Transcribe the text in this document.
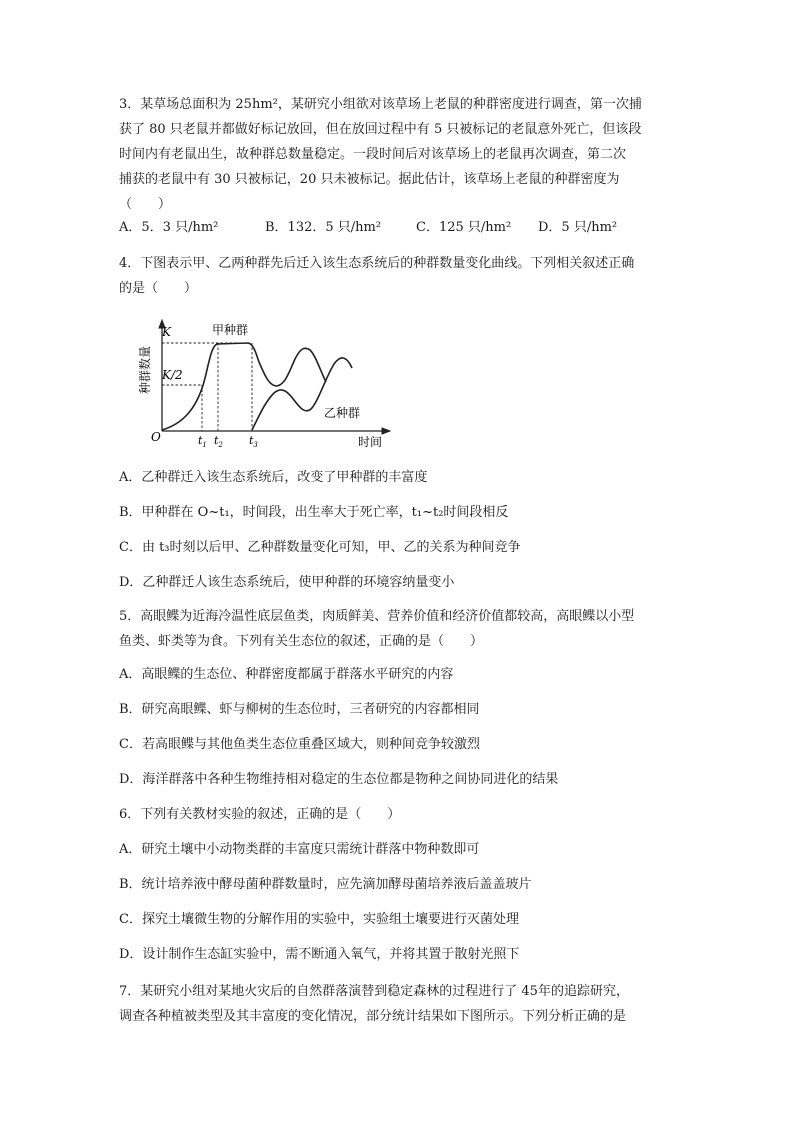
3．某草场总面积为 25hm²，某研究小组欲对该草场上老鼠的种群密度进行调查，第一次捕
获了 80 只老鼠并都做好标记放回，但在放回过程中有 5 只被标记的老鼠意外死亡，但该段
时间内有老鼠出生，故种群总数量稳定。一段时间后对该草场上的老鼠再次调查，第二次
捕获的老鼠中有 30 只被标记，20 只未被标记。据此估计，该草场上老鼠的种群密度为
（　　）
A．5．3 只/hm²	B．132．5 只/hm²	C．125 只/hm² D．5 只/hm²
4．下图表示甲、乙两种群先后迁入该生态系统后的种群数量变化曲线。下列相关叙述正确
的是（　　）
种群数量
时间
K
K/2
O
甲种群
乙种群
$t_1$ $t_2$ $t_3$
A．乙种群迁入该生态系统后，改变了甲种群的丰富度
B．甲种群在 O~t₁，时间段，出生率大于死亡率，t₁~t₂时间段相反
C．由 t₃时刻以后甲、乙种群数量变化可知，甲、乙的关系为种间竞争
D．乙种群迁人该生态系统后，使甲种群的环境容纳量变小
5．高眼鲽为近海冷温性底层鱼类，肉质鲜美、营养价值和经济价值都较高，高眼鲽以小型
鱼类、虾类等为食。下列有关生态位的叙述，正确的是（　　）
A．高眼鲽的生态位、种群密度都属于群落水平研究的内容
B．研究高眼鲽、虾与柳树的生态位时，三者研究的内容都相同
C．若高眼鲽与其他鱼类生态位重叠区域大，则种间竞争较激烈
D．海洋群落中各种生物维持相对稳定的生态位都是物种之间协同进化的结果
6．下列有关教材实验的叙述，正确的是（　　）
A．研究土壤中小动物类群的丰富度只需统计群落中物种数即可
B．统计培养液中酵母菌种群数量时，应先滴加酵母菌培养液后盖盖玻片
C．探究土壤微生物的分解作用的实验中，实验组土壤要进行灭菌处理
D．设计制作生态缸实验中，需不断通入氧气，并将其置于散射光照下
7．某研究小组对某地火灾后的自然群落演替到稳定森林的过程进行了 45年的追踪研究，
调查各种植被类型及其丰富度的变化情况，部分统计结果如下图所示。下列分析正确的是
